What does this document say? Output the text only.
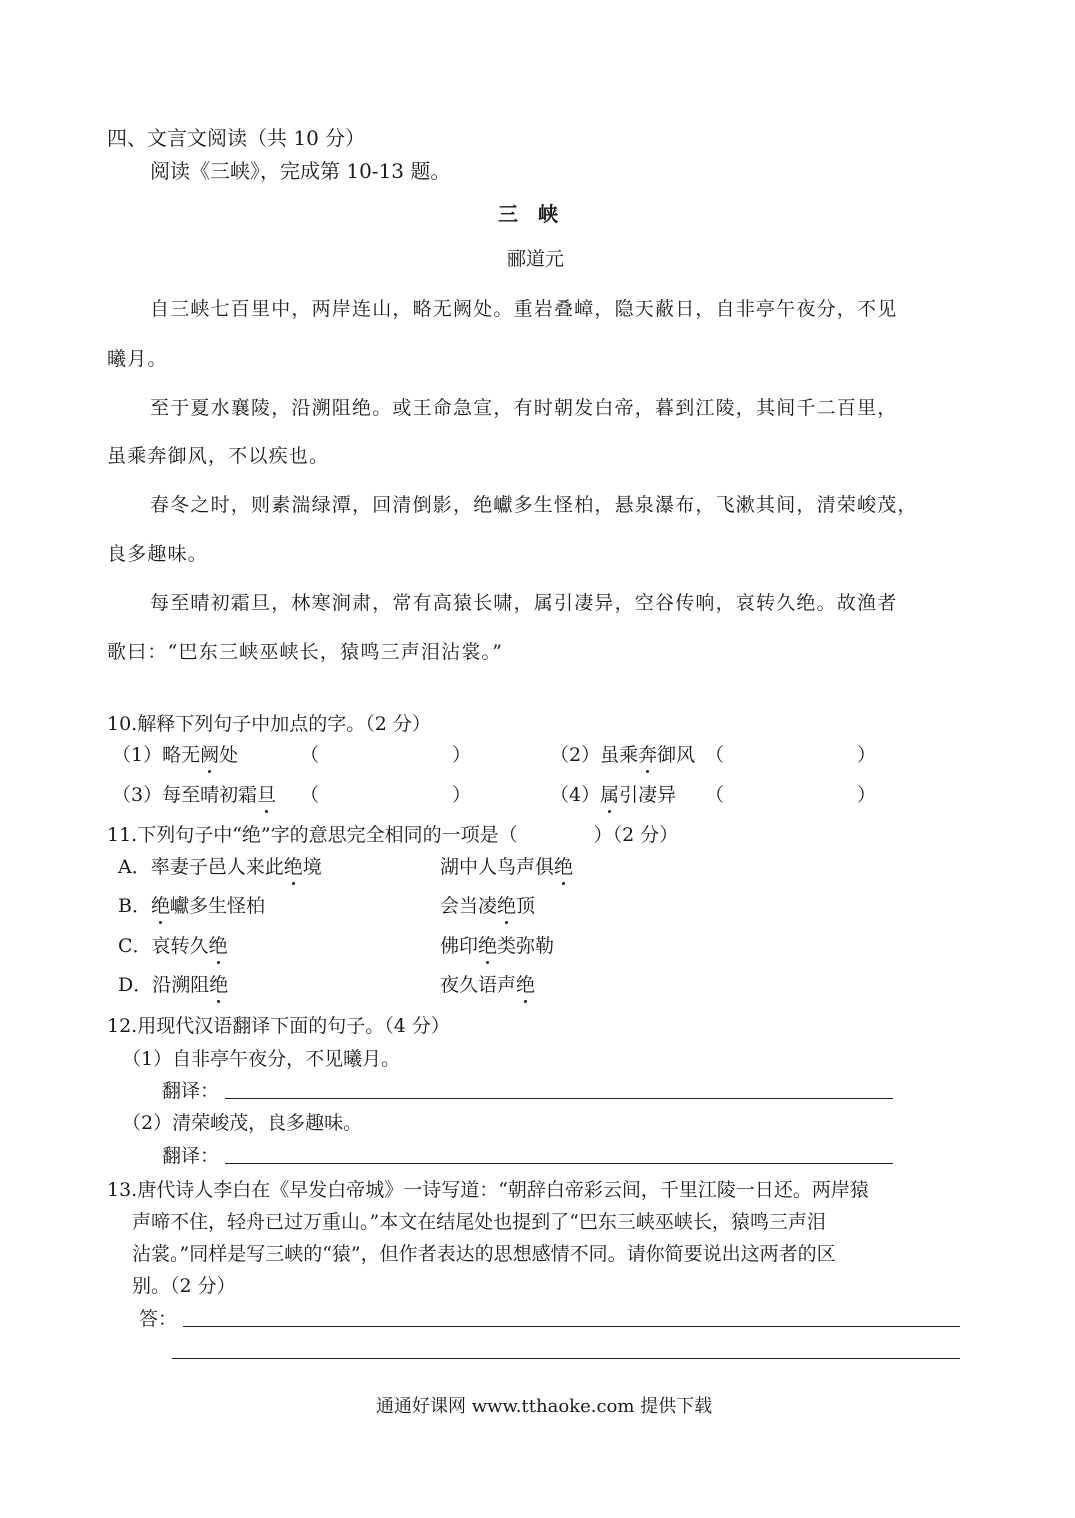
四、文言文阅读（共 10 分）
阅读《三峡》，完成第 10-13 题。
三　峡
郦道元
自三峡七百里中，两岸连山，略无阙处。重岩叠嶂，隐天蔽日，自非亭午夜分，不见
曦月。
至于夏水襄陵，沿溯阻绝。或王命急宣，有时朝发白帝，暮到江陵，其间千二百里，
虽乘奔御风，不以疾也。
春冬之时，则素湍绿潭，回清倒影，绝巘多生怪柏，悬泉瀑布，飞漱其间，清荣峻茂，
良多趣味。
每至晴初霜旦，林寒涧肃，常有高猿长啸，属引凄异，空谷传响，哀转久绝。故渔者
歌曰：“巴东三峡巫峡长，猿鸣三声泪沾裳。”
10.解释下列句子中加点的字。（2 分）
（1）略无阙处	（　　　　　　　）	（2）虽乘奔御风 （　　　　　　　）
（3）每至晴初霜旦 （　　　　　　　）	（4）属引凄异 （　　　　　　　）
11.下列句子中“绝”字的意思完全相同的一项是（　　　　）（2 分）
A．率妻子邑人来此绝境	湖中人鸟声俱绝
B．绝巘多生怪柏	会当凌绝顶
C．哀转久绝	佛印绝类弥勒
D．沿溯阻绝	夜久语声绝
12.用现代汉语翻译下面的句子。（4 分）
（1）自非亭午夜分，不见曦月。
翻译：
（2）清荣峻茂，良多趣味。
翻译：
13.唐代诗人李白在《早发白帝城》一诗写道：“朝辞白帝彩云间，千里江陵一日还。两岸猿
声啼不住，轻舟已过万重山。”本文在结尾处也提到了“巴东三峡巫峡长，猿鸣三声泪
沾裳。”同样是写三峡的“猿”，但作者表达的思想感情不同。请你简要说出这两者的区
别。（2 分）
答：
通通好课网 www.tthaoke.com 提供下载
